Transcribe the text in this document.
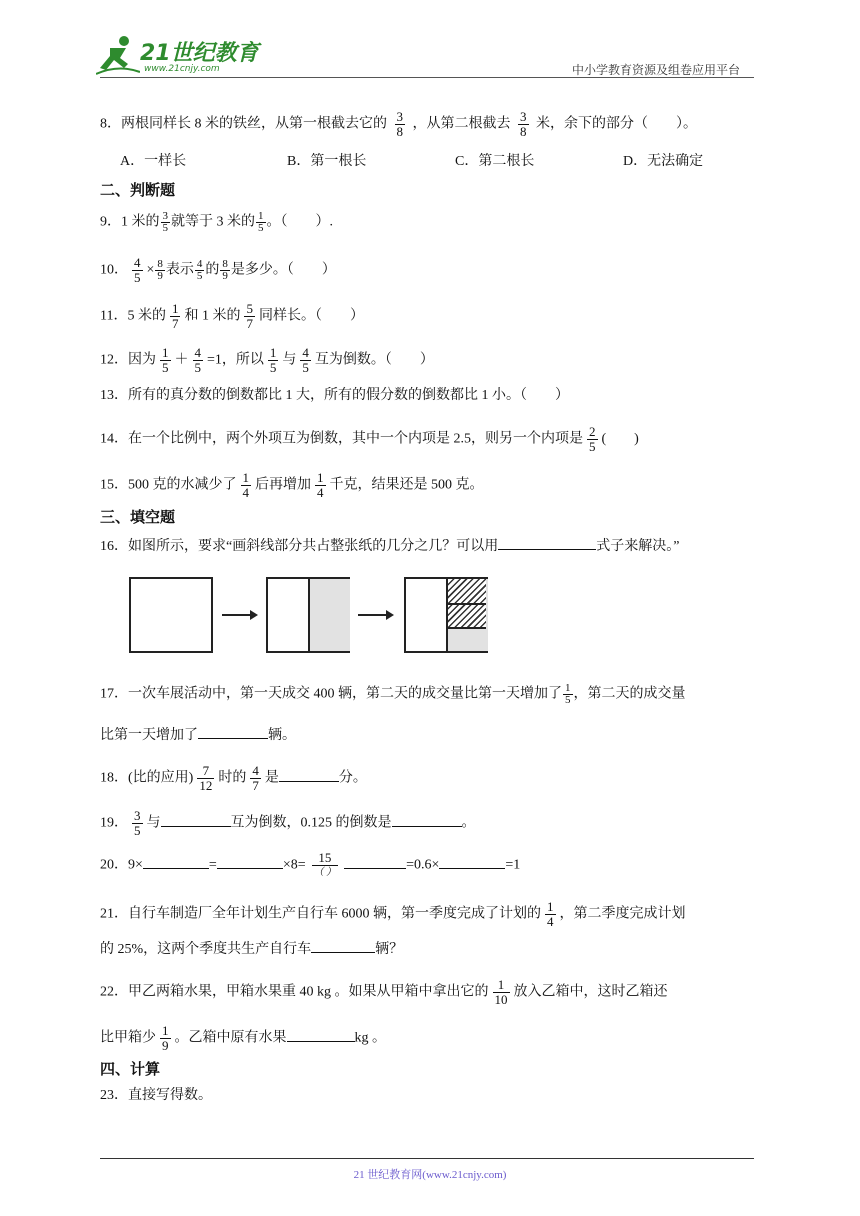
21世纪教育
www.21cnjy.com	中小学教育资源及组卷应用平台
8．两根同样长 8 米的铁丝，从第一根截去它的 $\frac{3}{8}$ ，从第二根截去 $\frac{3}{8}$ 米，余下的部分（　　）。
A．一样长	B．第一根长	C．第二根长	D．无法确定
二、判断题
9．1 米的 $\frac{3}{5}$ 就等于 3 米的 $\frac{1}{5}$ 。（　　）.
10． $\frac{4}{5} \times \frac{8}{9}$ 表示 $\frac{4}{5}$ 的 $\frac{8}{9}$ 是多少。（　　）
11．5 米的 $\frac{1}{7}$ 和 1 米的 $\frac{5}{7}$ 同样长。（　　）
12．因为 $\frac{1}{5} + \frac{4}{5} =1$，所以 $\frac{1}{5}$ 与 $\frac{4}{5}$ 互为倒数。（　　）
13．所有的真分数的倒数都比 1 大，所有的假分数的倒数都比 1 小。（　　）
14．在一个比例中，两个外项互为倒数，其中一个内项是 2.5，则另一个内项是 $\frac{2}{5}$ (　　)
15．500 克的水减少了 $\frac{1}{4}$ 后再增加 $\frac{1}{4}$ 千克，结果还是 500 克。
三、填空题
16．如图所示，要求“画斜线部分共占整张纸的几分之几？可以用	式子来解决。”
17．一次车展活动中，第一天成交 400 辆，第二天的成交量比第一天增加了 $\frac{1}{5}$ ，第二天的成交量
比第一天增加了	辆。
18．(比的应用) $\frac{7}{12}$ 时的 $\frac{4}{7}$ 是	分。
19． $\frac{3}{5}$ 与	互为倒数，0.125 的倒数是	。
20．9×	=	$\times 8= \frac{15}{( )}$	=0.6×	=1
21．自行车制造厂全年计划生产自行车 6000 辆，第一季度完成了计划的 $\frac{1}{4}$ ，第二季度完成计划
的 25%，这两个季度共生产自行车	辆？
22．甲乙两箱水果，甲箱水果重 40 kg 。如果从甲箱中拿出它的 $\frac{1}{10}$ 放入乙箱中，这时乙箱还
比甲箱少 $\frac{1}{9}$ 。乙箱中原有水果	kg 。
四、计算
23．直接写得数。
21 世纪教育网(www.21cnjy.com)
